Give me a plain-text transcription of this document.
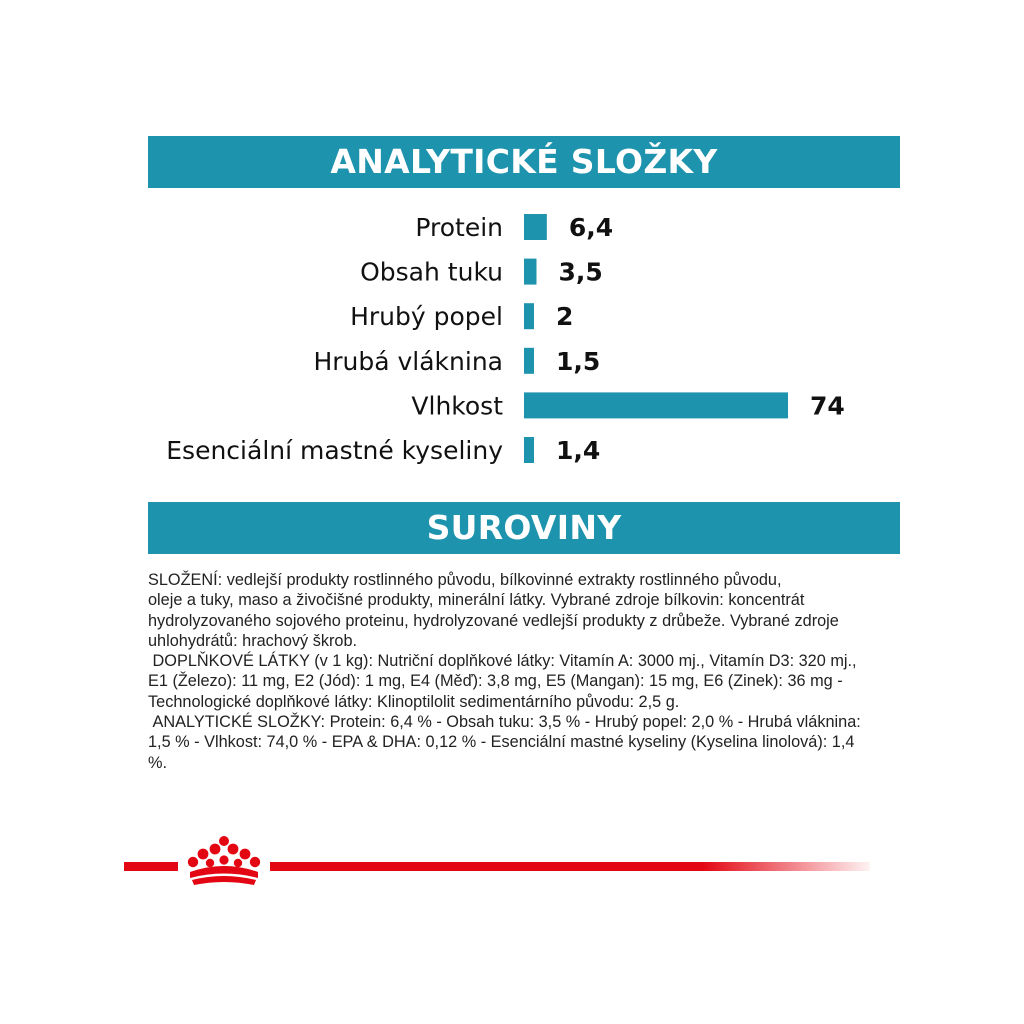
ANALYTICKÉ SLOŽKY
Protein	6,4
Obsah tuku 3,5
Hrubý popel 2
Hrubá vláknina 1,5
Vlhkost	74
Esenciální mastné kyseliny 1,4
SUROVINY

SLOŽENÍ: vedlejší produkty rostlinného původu, bílkovinné extrakty rostlinného původu,

oleje a tuky, maso a živočišné produkty, minerální látky. Vybrané zdroje bílkovin: koncentrát

hydrolyzovaného sojového proteinu, hydrolyzované vedlejší produkty z drůbeže. Vybrané zdroje

uhlohydrátů: hrachový škrob.

DOPLŇKOVÉ LÁTKY (v 1 kg): Nutriční doplňkové látky: Vitamín A: 3000 mj., Vitamín D3: 320 mj.,

E1 (Železo): 11 mg, E2 (Jód): 1 mg, E4 (Měď): 3,8 mg, E5 (Mangan): 15 mg, E6 (Zinek): 36 mg -

Technologické doplňkové látky: Klinoptilolit sedimentárního původu: 2,5 g.

ANALYTICKÉ SLOŽKY: Protein: 6,4 % - Obsah tuku: 3,5 % - Hrubý popel: 2,0 % - Hrubá vláknina:

1,5 % - Vlhkost: 74,0 % - EPA & DHA: 0,12 % - Esenciální mastné kyseliny (Kyselina linolová): 1,4

%.
